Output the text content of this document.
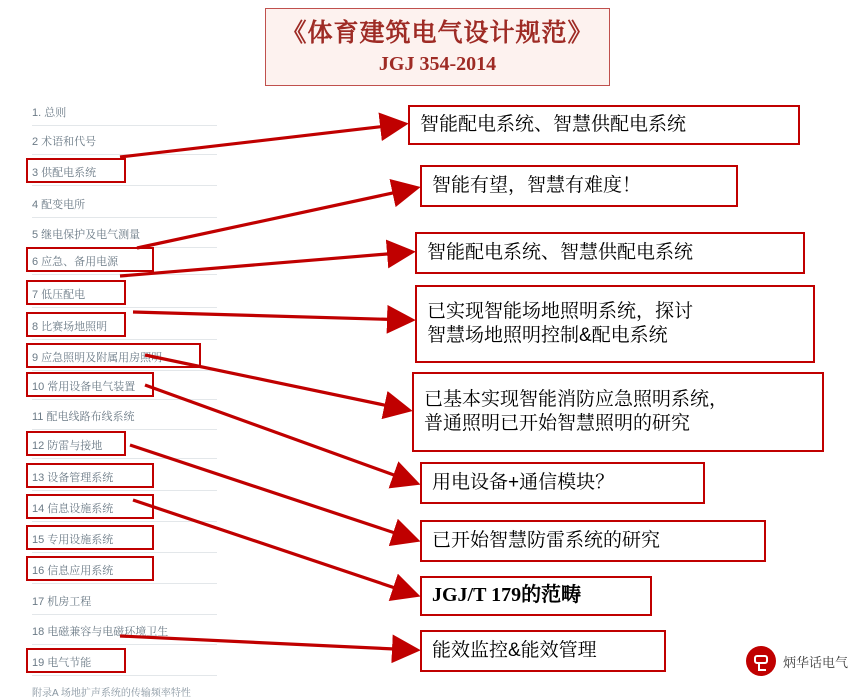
《体育建筑电气设计规范》
JGJ 354-2014
1. 总则
2 术语和代号
3 供配电系统
4 配变电所
5 继电保护及电气测量
6 应急、备用电源
7 低压配电
8 比赛场地照明
9 应急照明及附属用房照明
10 常用设备电气装置
11 配电线路布线系统
12 防雷与接地
13 设备管理系统
14 信息设施系统
15 专用设施系统
16 信息应用系统
17 机房工程
18 电磁兼容与电磁环境卫生
19 电气节能
附录A 场地扩声系统的传输频率特性
炳华话电气
智能配电系统、智慧供配电系统
智能有望，智慧有难度！
智能配电系统、智慧供配电系统
已实现智能场地照明系统，探讨
智慧场地照明控制&配电系统
已基本实现智能消防应急照明系统，
普通照明已开始智慧照明的研究
用电设备+通信模块？
已开始智慧防雷系统的研究
JGJ/T 179的范畴
能效监控&能效管理
